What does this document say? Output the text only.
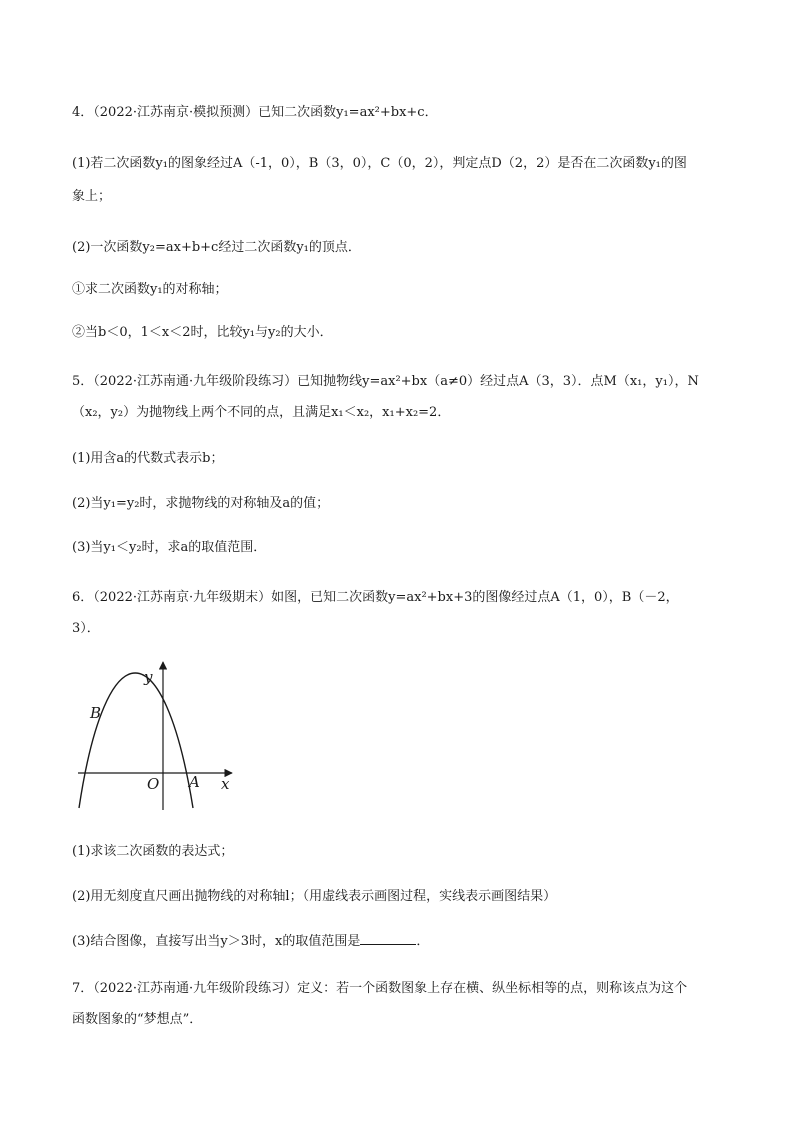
4．（2022·江苏南京·模拟预测）已知二次函数y₁=ax²+bx+c．
(1)若二次函数y₁的图象经过A（-1，0），B（3，0），C（0，2），判定点D（2，2）是否在二次函数y₁的图
象上；
(2)一次函数y₂=ax+b+c经过二次函数y₁的顶点．
①求二次函数y₁的对称轴；
②当b＜0，1＜x＜2时，比较y₁与y₂的大小．
5．（2022·江苏南通·九年级阶段练习）已知抛物线y=ax²+bx（a≠0）经过点A（3，3）．点M（x₁，y₁），N
（x₂，y₂）为抛物线上两个不同的点，且满足x₁＜x₂，x₁+x₂=2．
(1)用含a的代数式表示b；
(2)当y₁=y₂时，求抛物线的对称轴及a的值；
(3)当y₁＜y₂时，求a的取值范围．
6．（2022·江苏南京·九年级期末）如图，已知二次函数y=ax²+bx+3的图像经过点A（1，0），B（－2，
3）．
y
x
O A
B
(1)求该二次函数的表达式；
(2)用无刻度直尺画出抛物线的对称轴l；（用虚线表示画图过程，实线表示画图结果）
(3)结合图像，直接写出当y＞3时，x的取值范围是	．
7．（2022·江苏南通·九年级阶段练习）定义：若一个函数图象上存在横、纵坐标相等的点，则称该点为这个
函数图象的“梦想点”．
